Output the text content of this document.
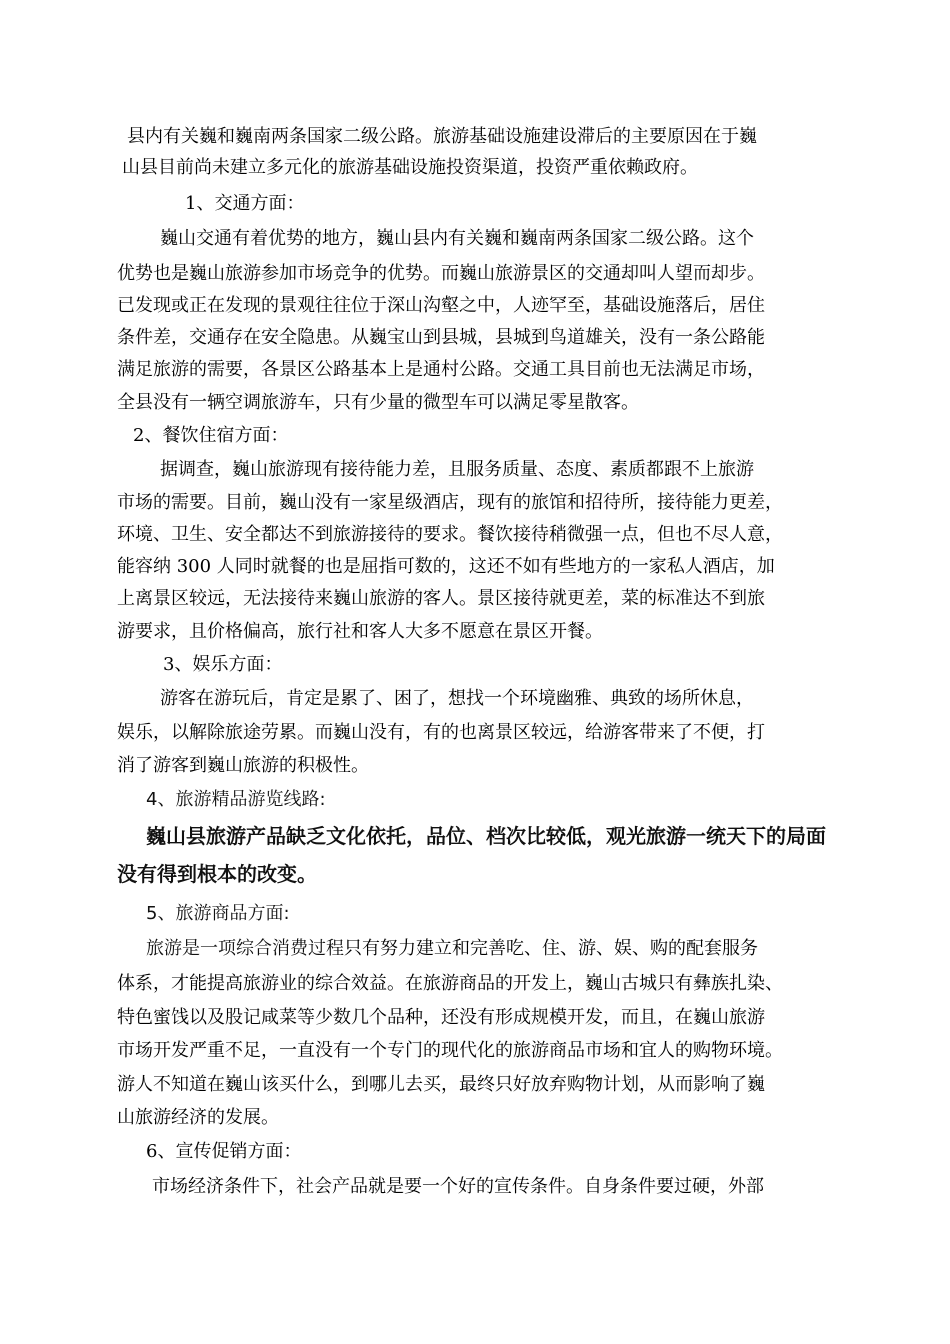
县内有关巍和巍南两条国家二级公路。旅游基础设施建设滞后的主要原因在于巍

山县目前尚未建立多元化的旅游基础设施投资渠道，投资严重依赖政府。

1、交通方面：

巍山交通有着优势的地方，巍山县内有关巍和巍南两条国家二级公路。这个

优势也是巍山旅游参加市场竞争的优势。而巍山旅游景区的交通却叫人望而却步。

已发现或正在发现的景观往往位于深山沟壑之中，人迹罕至，基础设施落后，居住

条件差，交通存在安全隐患。从巍宝山到县城，县城到鸟道雄关，没有一条公路能

满足旅游的需要，各景区公路基本上是通村公路。交通工具目前也无法满足市场，

全县没有一辆空调旅游车，只有少量的微型车可以满足零星散客。

2、餐饮住宿方面：

据调查，巍山旅游现有接待能力差，且服务质量、态度、素质都跟不上旅游

市场的需要。目前，巍山没有一家星级酒店，现有的旅馆和招待所，接待能力更差，

环境、卫生、安全都达不到旅游接待的要求。餐饮接待稍微强一点，但也不尽人意，

能容纳 300 人同时就餐的也是屈指可数的，这还不如有些地方的一家私人酒店，加

上离景区较远，无法接待来巍山旅游的客人。景区接待就更差，菜的标准达不到旅

游要求，且价格偏高，旅行社和客人大多不愿意在景区开餐。

3、娱乐方面：

游客在游玩后，肯定是累了、困了，想找一个环境幽雅、典致的场所休息，

娱乐，以解除旅途劳累。而巍山没有，有的也离景区较远，给游客带来了不便，打

消了游客到巍山旅游的积极性。

4、旅游精品游览线路:

巍山县旅游产品缺乏文化依托，品位、档次比较低，观光旅游一统天下的局面

没有得到根本的改变。

5、旅游商品方面:

旅游是一项综合消费过程只有努力建立和完善吃、住、游、娱、购的配套服务

体系，才能提高旅游业的综合效益。在旅游商品的开发上，巍山古城只有彝族扎染、

特色蜜饯以及股记咸菜等少数几个品种，还没有形成规模开发，而且，在巍山旅游

市场开发严重不足，一直没有一个专门的现代化的旅游商品市场和宜人的购物环境。

游人不知道在巍山该买什么，到哪儿去买，最终只好放弃购物计划，从而影响了巍

山旅游经济的发展。

6、宣传促销方面：

市场经济条件下，社会产品就是要一个好的宣传条件。自身条件要过硬，外部
